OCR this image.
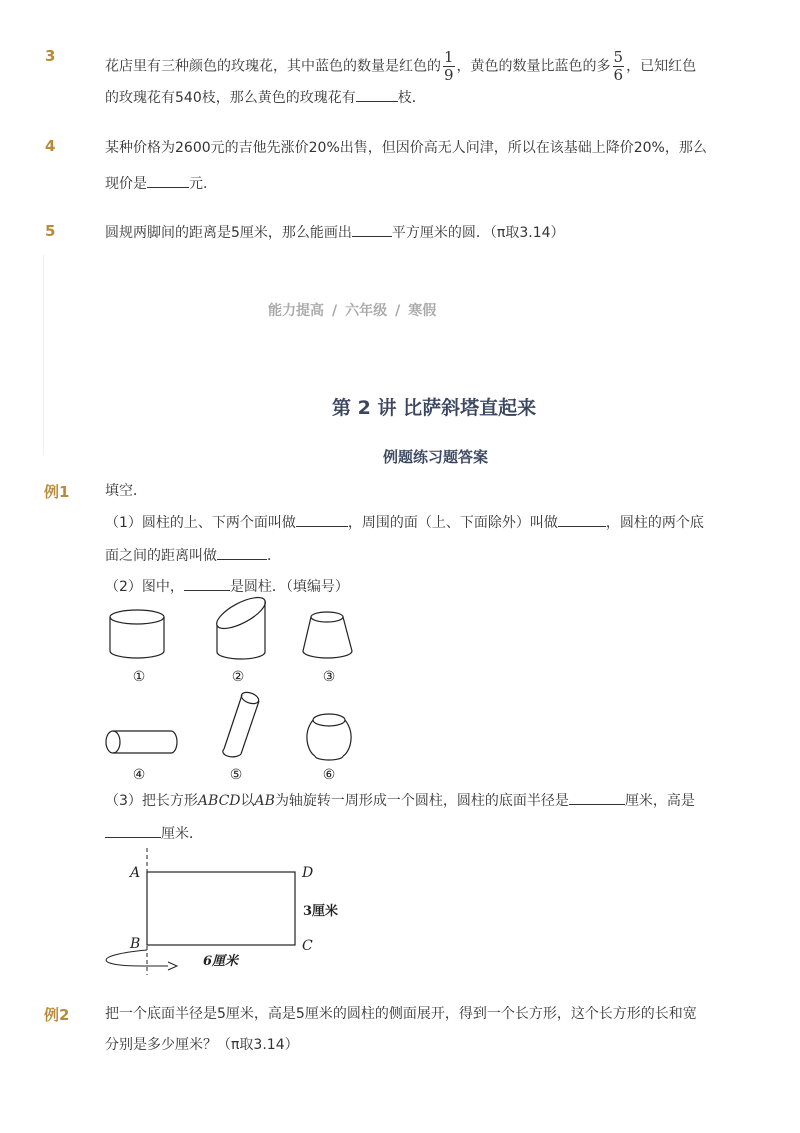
3
花店里有三种颜色的玫瑰花，其中蓝色的数量是红色的 $\frac{1}{9}$ ，黄色的数量比蓝色的多 $\frac{5}{6}$ ，已知红色
的玫瑰花有540枝，那么黄色的玫瑰花有	枝．
4	某种价格为2600元的吉他先涨价20%出售，但因价高无人问津，所以在该基础上降价20%，那么
现价是	元．
5	圆规两脚间的距离是5厘米，那么能画出	平方厘米的圆．（π取3.14）
能力提高 / 六年级 / 寒假
第 2 讲 比萨斜塔直起来
例题练习题答案
例1	填空．
（1）圆柱的上、下两个面叫做	，周围的面（上、下面除外）叫做	，圆柱的两个底
面之间的距离叫做	．
（2）图中，	是圆柱．（填编号）
①	②	③
④	⑤	⑥
（3）把长方形ABCD以AB为轴旋转一周形成一个圆柱，圆柱的底面半径是	厘米，高是
厘米．
A	D
B	C
3厘米
6厘米
例2	把一个底面半径是5厘米，高是5厘米的圆柱的侧面展开，得到一个长方形，这个长方形的长和宽
分别是多少厘米？（π取3.14）
